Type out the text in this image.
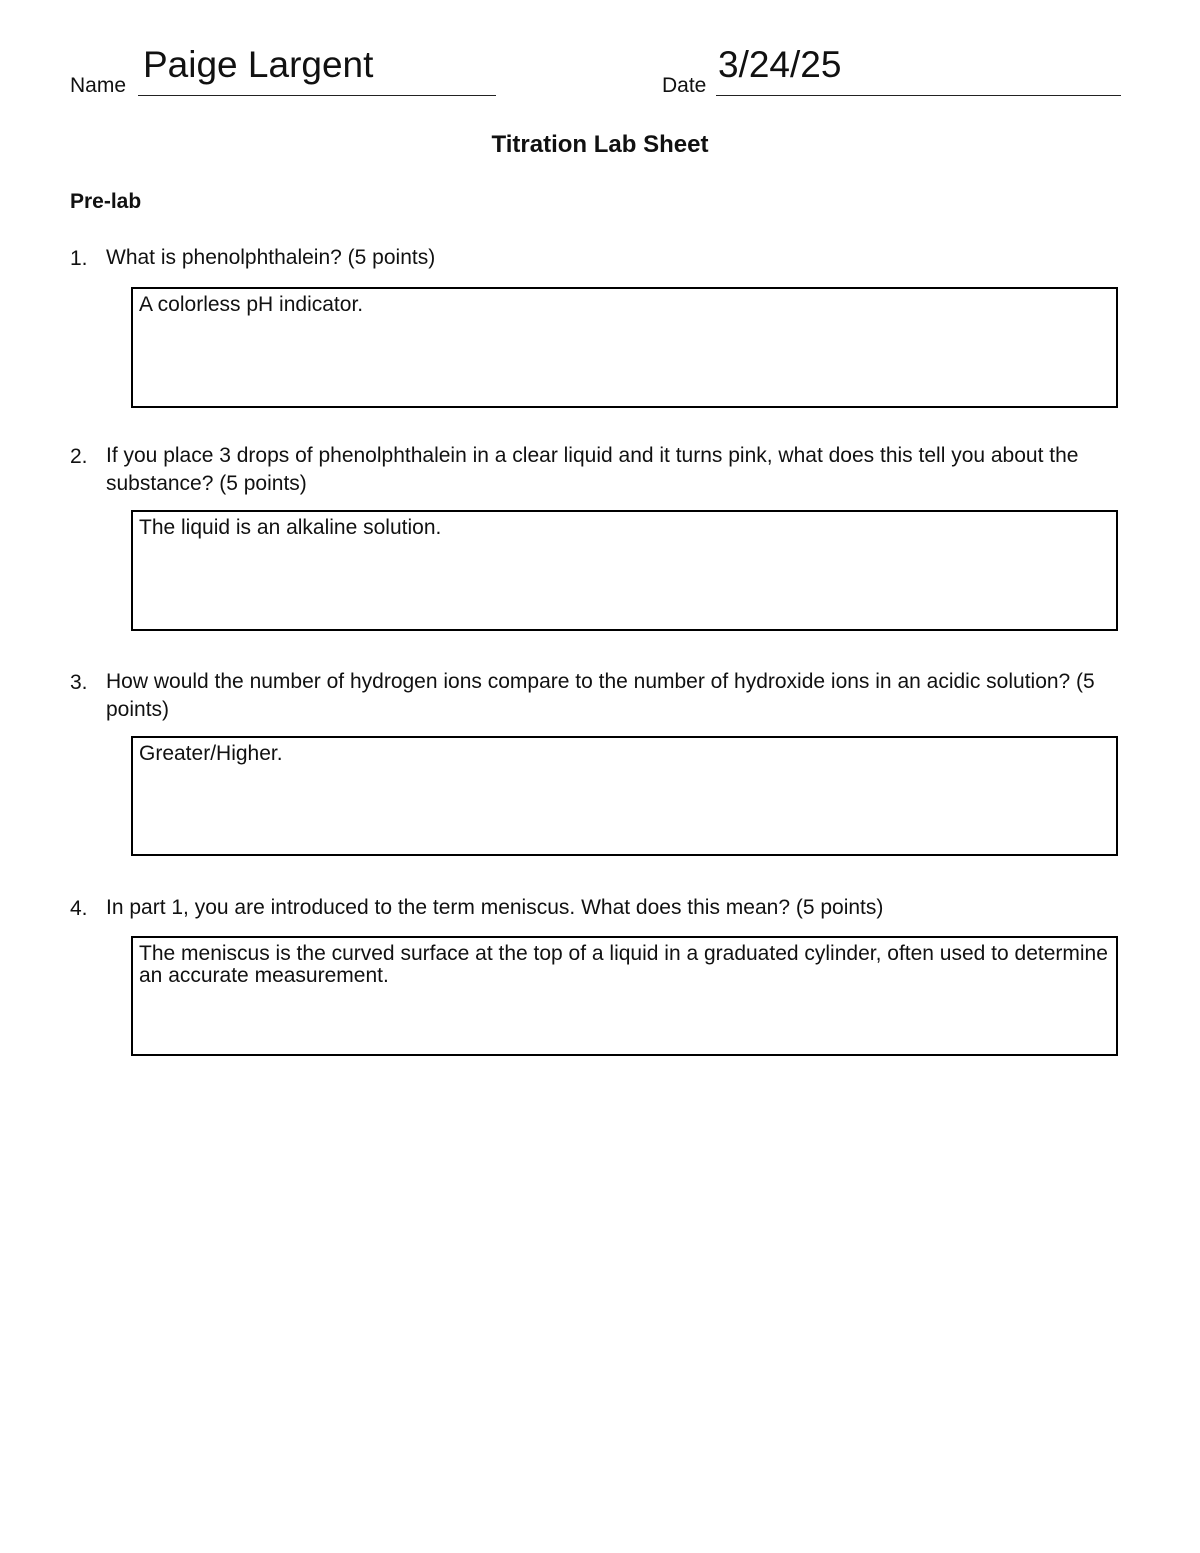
Name
Paige Largent
Date
3/24/25
Titration Lab Sheet
Pre-lab
1. What is phenolphthalein? (5 points)
A colorless pH indicator.
2. If you place 3 drops of phenolphthalein in a clear liquid and it turns pink, what does this tell you about the substance? (5 points)
The liquid is an alkaline solution.
3. How would the number of hydrogen ions compare to the number of hydroxide ions in an acidic solution? (5 points)
Greater/Higher.
4. In part 1, you are introduced to the term meniscus. What does this mean? (5 points)
The meniscus is the curved surface at the top of a liquid in a graduated cylinder, often used to determine an accurate measurement.
